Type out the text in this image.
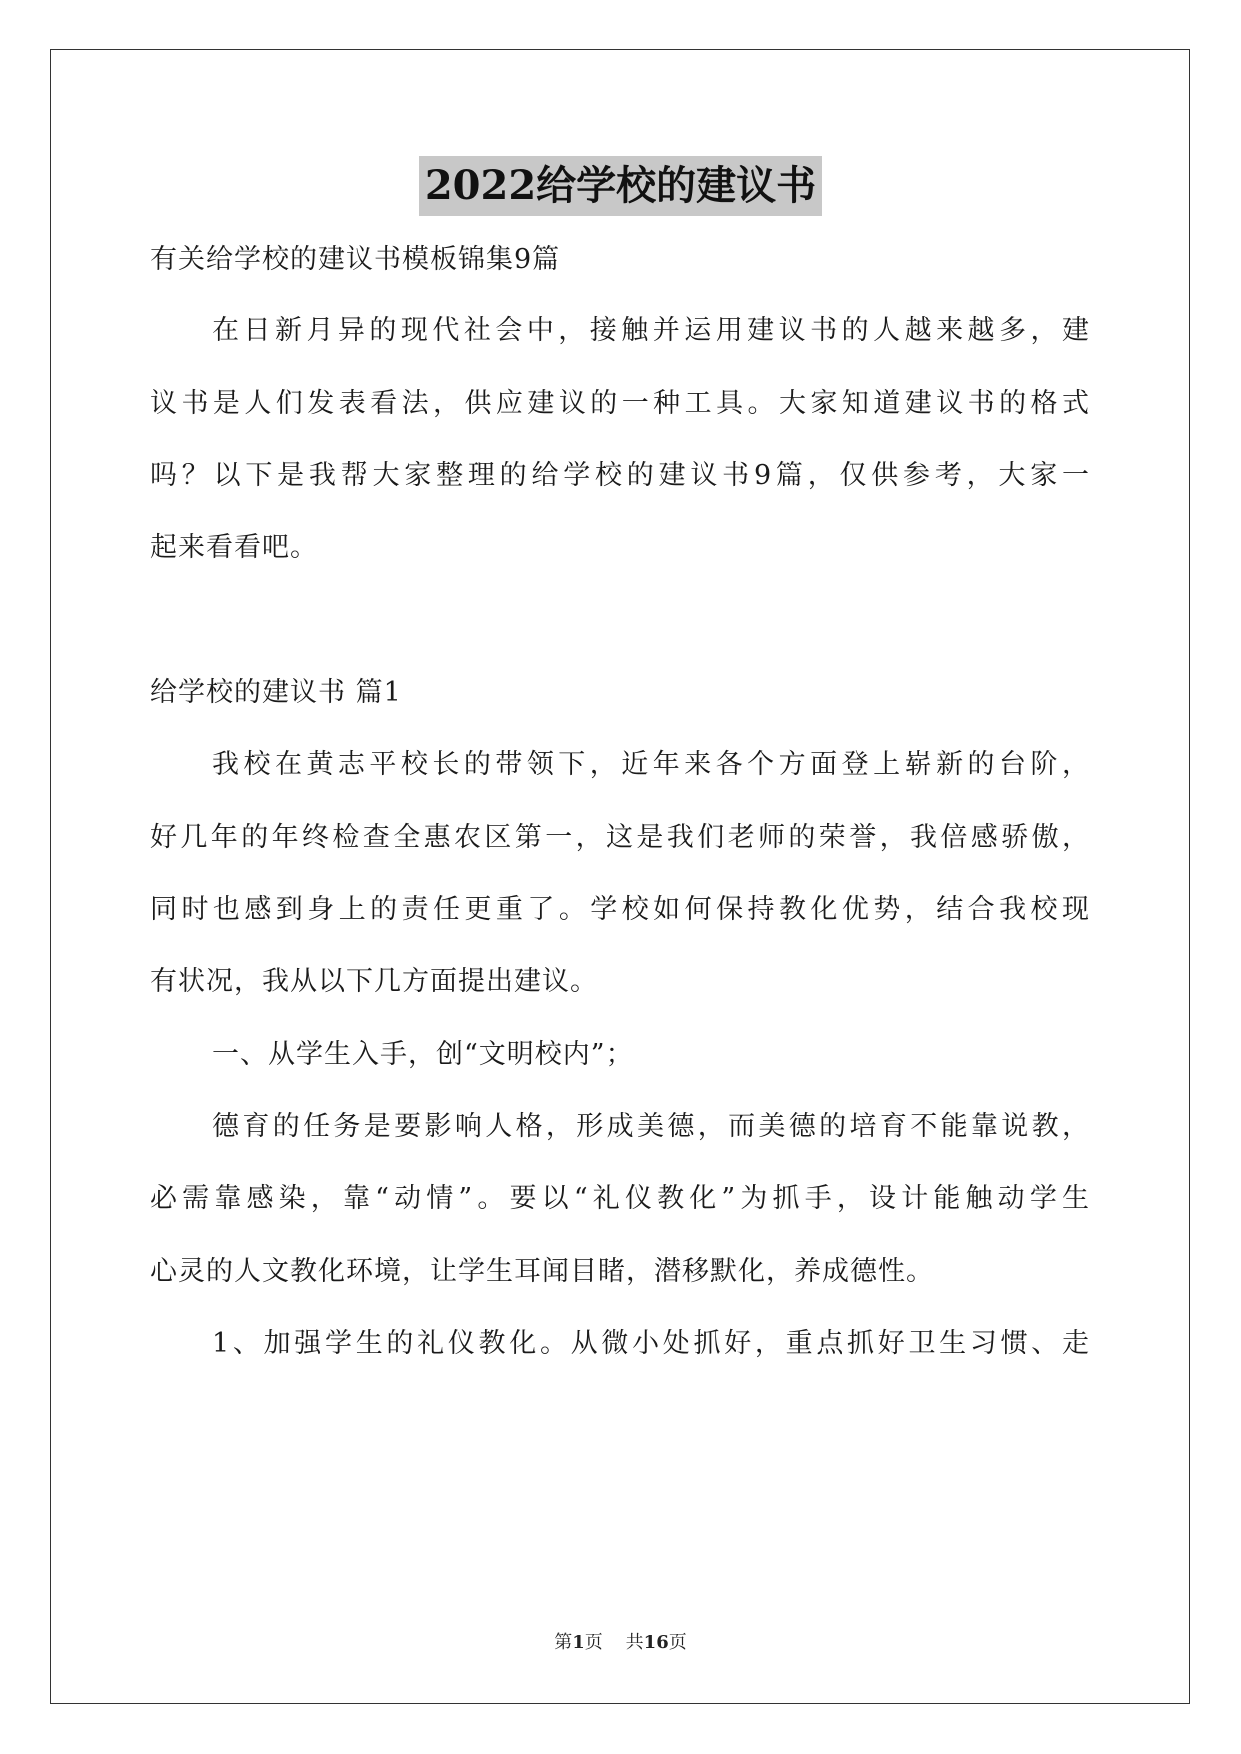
2022给学校的建议书
有关给学校的建议书模板锦集9篇
在日新月异的现代社会中，接触并运用建议书的人越来越多，建
议书是人们发表看法，供应建议的一种工具。大家知道建议书的格式
吗？以下是我帮大家整理的给学校的建议书9篇，仅供参考，大家一
起来看看吧。
给学校的建议书 篇1
我校在黄志平校长的带领下，近年来各个方面登上崭新的台阶，
好几年的年终检查全惠农区第一，这是我们老师的荣誉，我倍感骄傲，
同时也感到身上的责任更重了。学校如何保持教化优势，结合我校现
有状况，我从以下几方面提出建议。
一、从学生入手，创“文明校内”；
德育的任务是要影响人格，形成美德，而美德的培育不能靠说教，
必需靠感染，靠“动情”。要以“礼仪教化”为抓手，设计能触动学生
心灵的人文教化环境，让学生耳闻目睹，潜移默化，养成德性。
1、加强学生的礼仪教化。从微小处抓好，重点抓好卫生习惯、走
第1页 共16页
